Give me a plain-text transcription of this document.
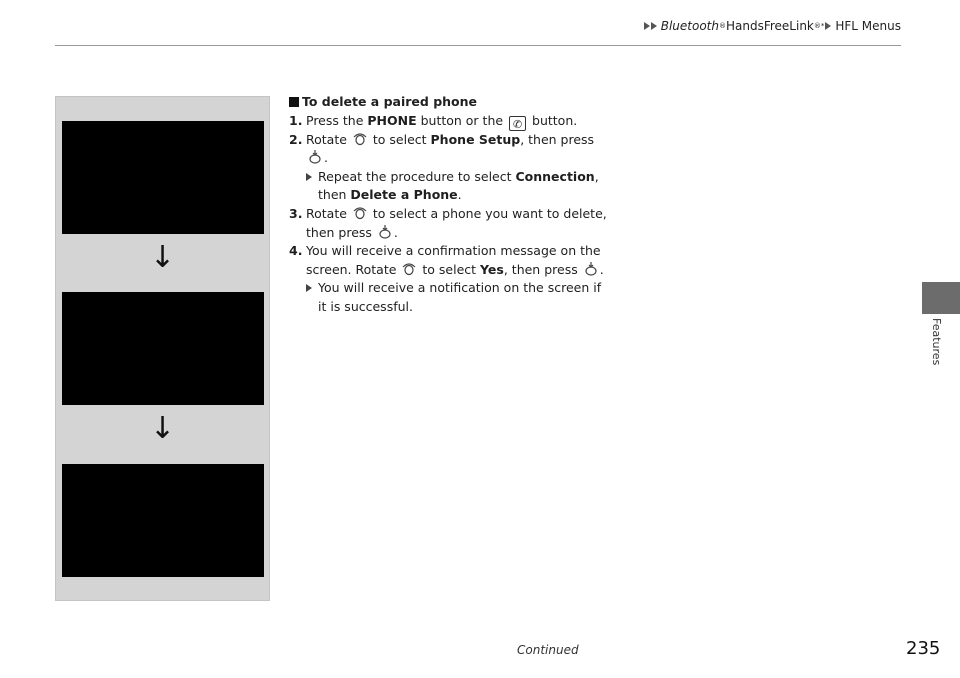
Bluetooth ® HandsFreeLink ® * HFL Menus
↓
↓
To delete a paired phone
1. Press the PHONE button or the ✆ button.
2. Rotate  to select Phone Setup, then press .
Repeat the procedure to select Connection, then Delete a Phone.
3. Rotate  to select a phone you want to delete, then press .
4. You will receive a confirmation message on the screen. Rotate  to select Yes, then press .
You will receive a notification on the screen if it is successful.
Features
Continued	235
